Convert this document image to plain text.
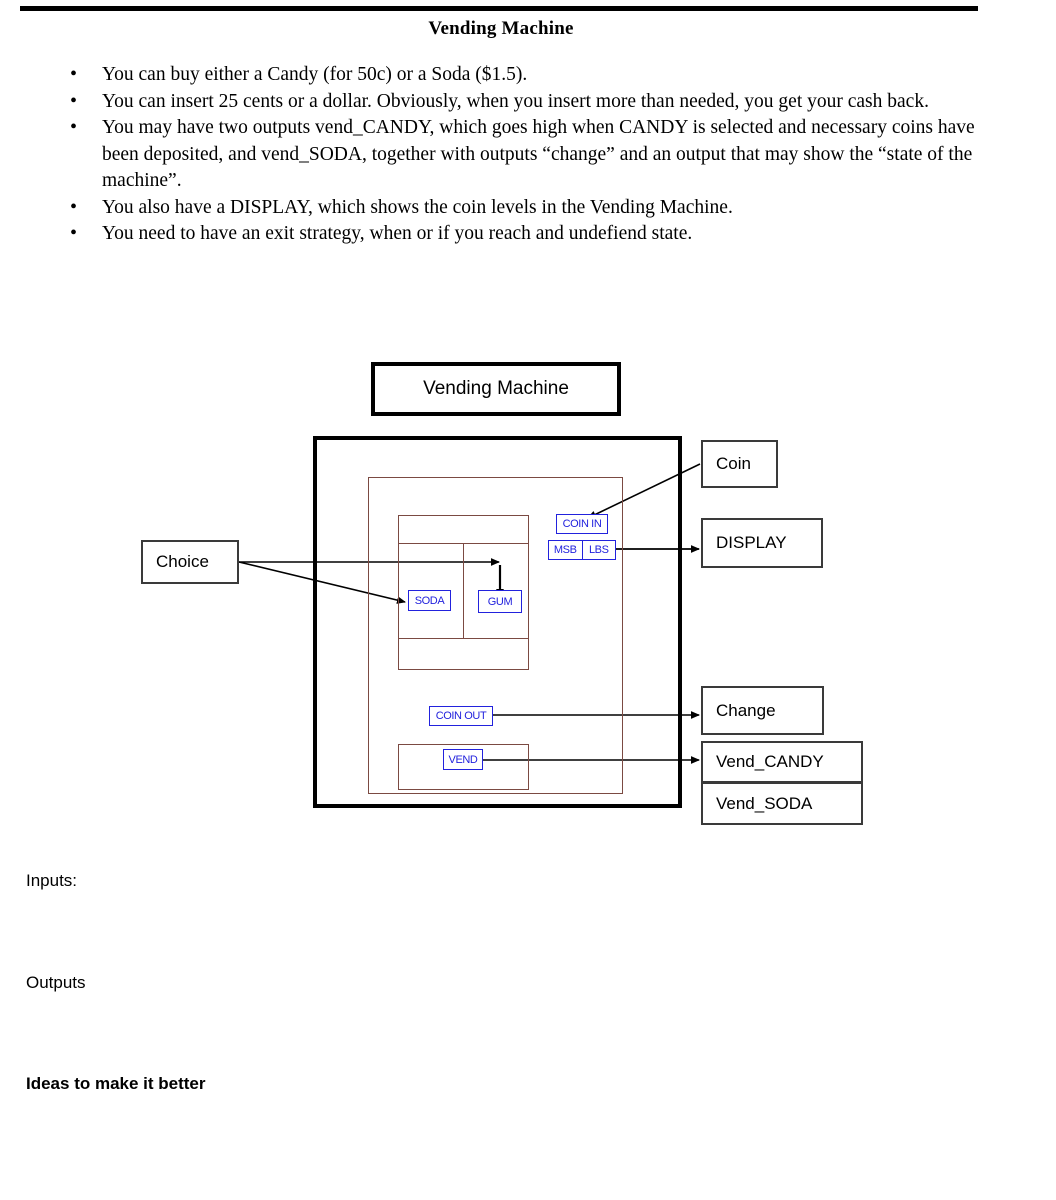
Vending Machine
• You can buy either a Candy (for 50c) or a Soda ($1.5).
• You can insert 25 cents or a dollar. Obviously, when you insert more than needed, you get your cash back.
• You may have two outputs vend_CANDY, which goes high when CANDY is selected and necessary coins have been deposited, and vend_SODA, together with outputs “change” and an output that may show the “state of the machine”.
• You also have a DISPLAY, which shows the coin levels in the Vending Machine.
• You need to have an exit strategy, when or if you reach and undefiend state.
Vending Machine
SODA	GUM
COIN IN
MSB	LBS
COIN OUT
VEND
Choice
Coin
DISPLAY
Change
Vend_CANDY
Vend_SODA
Inputs:
Outputs
Ideas to make it better
